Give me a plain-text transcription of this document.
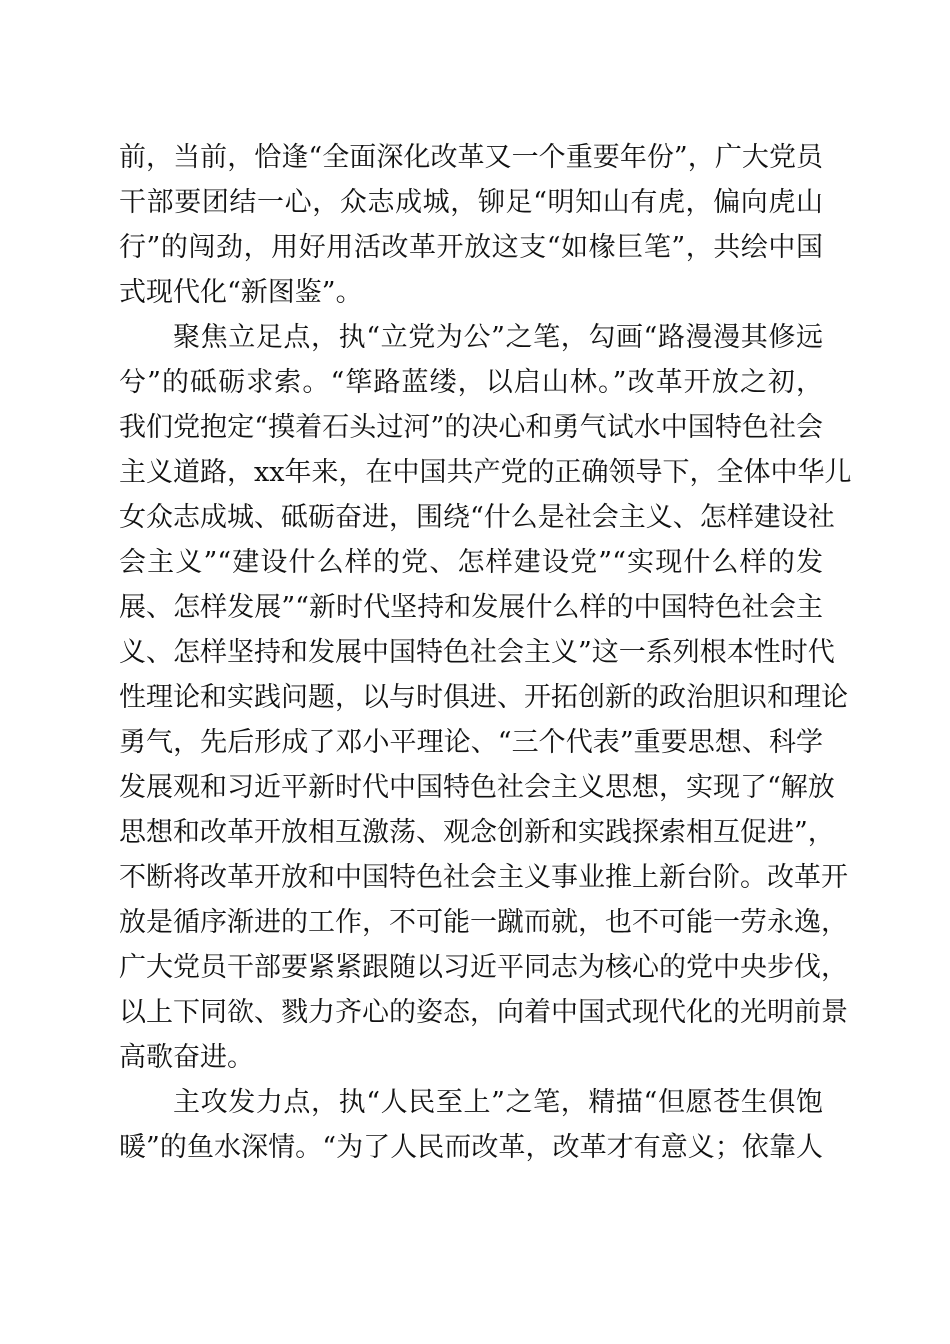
前，当前，恰逢“全面深化改革又一个重要年份”，广大党员
干部要团结一心，众志成城，铆足“明知山有虎，偏向虎山
行”的闯劲，用好用活改革开放这支“如椽巨笔”，共绘中国
式现代化“新图鉴”。
聚焦立足点，执“立党为公”之笔，勾画“路漫漫其修远
兮”的砥砺求索。“筚路蓝缕，以启山林。”改革开放之初，
我们党抱定“摸着石头过河”的决心和勇气试水中国特色社会
主义道路，xx年来，在中国共产党的正确领导下，全体中华儿
女众志成城、砥砺奋进，围绕“什么是社会主义、怎样建设社
会主义”“建设什么样的党、怎样建设党”“实现什么样的发
展、怎样发展”“新时代坚持和发展什么样的中国特色社会主
义、怎样坚持和发展中国特色社会主义”这一系列根本性时代
性理论和实践问题，以与时俱进、开拓创新的政治胆识和理论
勇气，先后形成了邓小平理论、“三个代表”重要思想、科学
发展观和习近平新时代中国特色社会主义思想，实现了“解放
思想和改革开放相互激荡、观念创新和实践探索相互促进”，
不断将改革开放和中国特色社会主义事业推上新台阶。改革开
放是循序渐进的工作，不可能一蹴而就，也不可能一劳永逸，
广大党员干部要紧紧跟随以习近平同志为核心的党中央步伐，
以上下同欲、戮力齐心的姿态，向着中国式现代化的光明前景
高歌奋进。
主攻发力点，执“人民至上”之笔，精描“但愿苍生俱饱
暖”的鱼水深情。“为了人民而改革，改革才有意义；依靠人
